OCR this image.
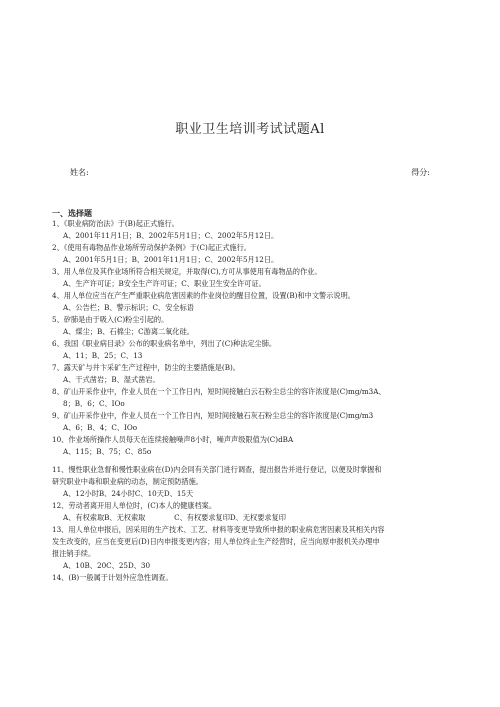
职业卫生培训考试试题Al
姓名:	得分:
一、选择题
1、《职业病防治法》于(B)起正式施行。
A、2001年11月1日；B、2002年5月1日；C、2002年5月12日。
2、《使用有毒物品作业场所劳动保护条例》于(C)起正式施行。
A、2001年5月1日；B、2001年11月1日；C、2002年5月12日。
3、用人单位及其作业场所符合相关规定，并取得(C),方可从事使用有毒物品的作业。
A、生产许可证；B安全生产许可证；C、职业卫生安全许可证。
4、用人单位应当在产生严重职业病危害因素的作业岗位的醒目位置，设置(B)和中文警示说明。
A、公告栏；B、警示标识；C、安全标语
5、矽肺是由于吸入(C)粉尘引起的。
A、煤尘；B、石棉尘；C游离二氧化硅。
6、我国《职业病目录》公布的职业病名单中，列出了(C)种法定尘肺。
A、11；B、25；C、13
7、露天矿与井卞采矿生产过程中，防尘的主要措施是(B)。
A、干式凿岩；B、湿式凿岩。
8、矿山开采作业中，作业人员在一个工作日内，短时间接触白云石粉尘总尘的容许浓度是(C)mg∕m3A、
8；B、6；C、IOo
9、矿山开采作业中，作业人员在一个工作日内，短时间接触石灰石粉尘总尘的容许浓度是(C)mg∕m3
A、6；B、4；C、IOo
10、作业场所操作人员每天在连续接触噪声8小时，噪声声级限值为(C)dBA
A、115；B、75；C、85o
11、慢性职业急督和慢性职业病在(D)内会同有关部门进行调查，提出报告并进行登记，以便及时掌握和
研究职业中毒和职业病的动态，制定预防措施。
A、12小时B、24小时C、10天D、15天
12、劳动者离开用人单位时，(C)本人的健康档案。
A、有权索取B、无权索取　　　　C、有权要求复印D、无权要求复印
13、用人单位申报后，因采用的生产技术、工艺、材料等变更导致所申报的职业病危害因素及其相关内容
发生改变的，应当在变更后(D)日内申报变更内容；用人单位终止生产经营时，应当向原申报机关办理申
报注销手续。
A、10B、20C、25D、30
14、(B)一般属于计划外应急性调查。
